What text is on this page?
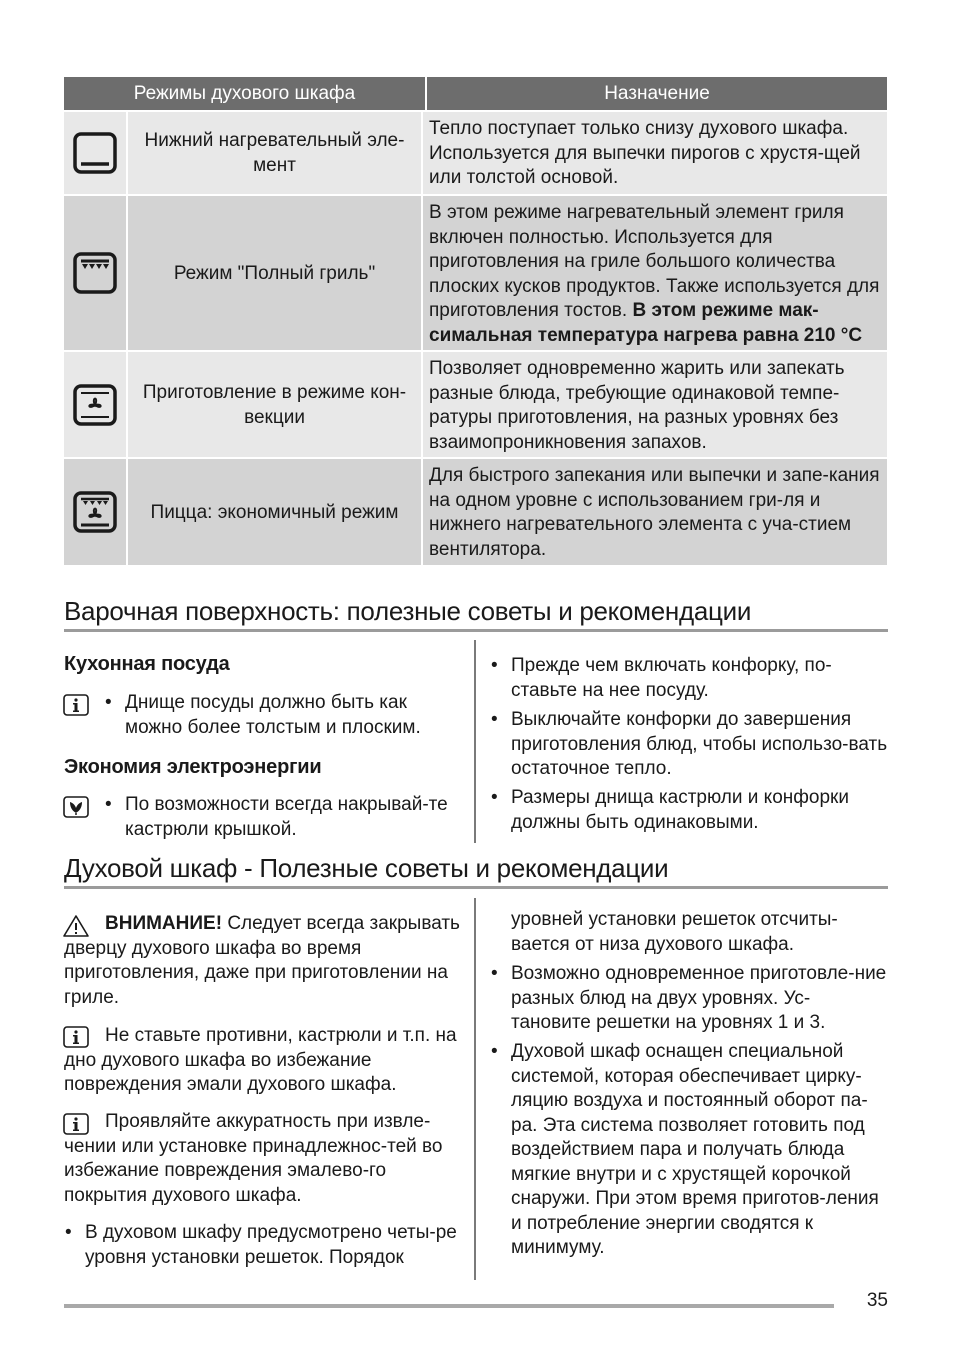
Режимы духового шкафа	Назначение
Нижний нагревательный эле-мент
Тепло поступает только снизу духового шкафа. Используется для выпечки пирогов с хрустя-щей или толстой основой.
Режим "Полный гриль"
В этом режиме нагревательный элемент гриля включен полностью. Используется для приготовления на гриле большого количества плоских кусков продуктов. Также используется для приготовления тостов. В этом режиме мак-симальная температура нагрева равна 210 °C
Приготовление в режиме кон-векции
Позволяет одновременно жарить или запекать разные блюда, требующие одинаковой темпе-ратуры приготовления, на разных уровнях без взаимопроникновения запахов.
Пицца: экономичный режим
Для быстрого запекания или выпечки и запе-кания на одном уровне с использованием гри-ля и нижнего нагревательного элемента с уча-стием вентилятора.
Варочная поверхность: полезные советы и рекомендации
Кухонная посуда
• Днище посуды должно быть как можно более толстым и плоским.
Экономия электроэнергии
• По возможности всегда накрывай-те кастрюли крышкой.
• Прежде чем включать конфорку, по-ставьте на нее посуду.
• Выключайте конфорки до завершения приготовления блюд, чтобы использо-вать остаточное тепло.
• Размеры днища кастрюли и конфорки должны быть одинаковыми.
Духовой шкаф - Полезные советы и рекомендации
ВНИМАНИЕ! Следует всегда закрывать дверцу духового шкафа во время приготовления, даже при приготовлении на гриле.
Не ставьте противни, кастрюли и т.п. на дно духового шкафа во избежание повреждения эмали духового шкафа.
Проявляйте аккуратность при извле-чении или установке принадлежнос-тей во избежание повреждения эмалево-го покрытия духового шкафа.
• В духовом шкафу предусмотрено четы-ре уровня установки решеток. Порядок
уровней установки решеток отсчиты-вается от низа духового шкафа.
• Возможно одновременное приготовле-ние разных блюд на двух уровнях. Ус-тановите решетки на уровнях 1 и 3.
• Духовой шкаф оснащен специальной системой, которая обеспечивает цирку-ляцию воздуха и постоянный оборот па-ра. Эта система позволяет готовить под воздействием пара и получать блюда мягкие внутри и с хрустящей корочкой снаружи. При этом время приготов-ления и потребление энергии сводятся к минимуму.
35
